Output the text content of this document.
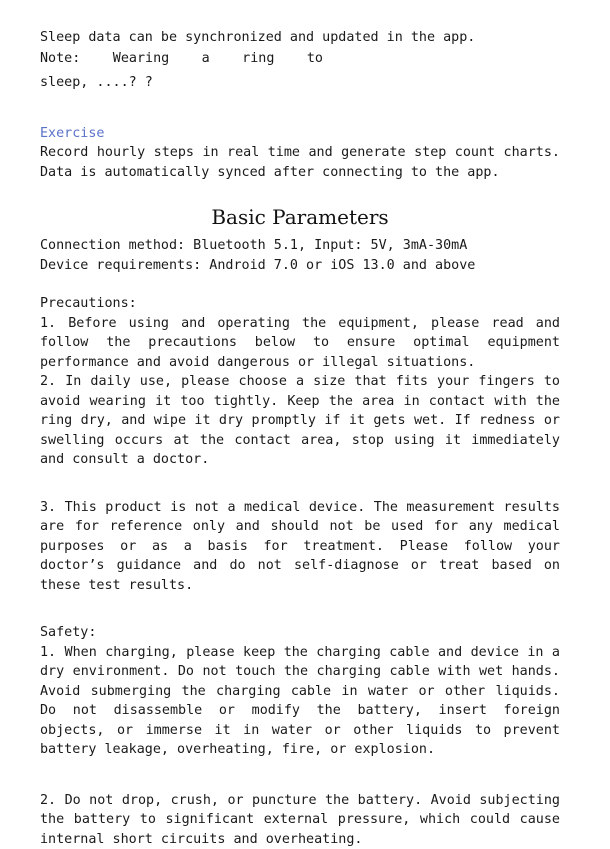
Sleep data can be synchronized and updated in the app.

Note: Wearing a ring to

sleep, ....? ?

Exercise

Record hourly steps in real time and generate step count charts. Data is automatically synced after connecting to the app.

Basic Parameters

Connection method: Bluetooth 5.1, Input: 5V, 3mA-30mA

Device requirements: Android 7.0 or iOS 13.0 and above

Precautions:

1. Before using and operating the equipment, please read and follow the precautions below to ensure optimal equipment performance and avoid dangerous or illegal situations.

2. In daily use, please choose a size that fits your fingers to avoid wearing it too tightly. Keep the area in contact with the ring dry, and wipe it dry promptly if it gets wet. If redness or swelling occurs at the contact area, stop using it immediately and consult a doctor.

3. This product is not a medical device. The measurement results are for reference only and should not be used for any medical purposes or as a basis for treatment. Please follow your doctor’s guidance and do not self-diagnose or treat based on these test results.

Safety:

1. When charging, please keep the charging cable and device in a dry environment. Do not touch the charging cable with wet hands. Avoid submerging the charging cable in water or other liquids. Do not disassemble or modify the battery, insert foreign objects, or immerse it in water or other liquids to prevent battery leakage, overheating, fire, or explosion.

2. Do not drop, crush, or puncture the battery. Avoid subjecting the battery to significant external pressure, which could cause internal short circuits and overheating.
